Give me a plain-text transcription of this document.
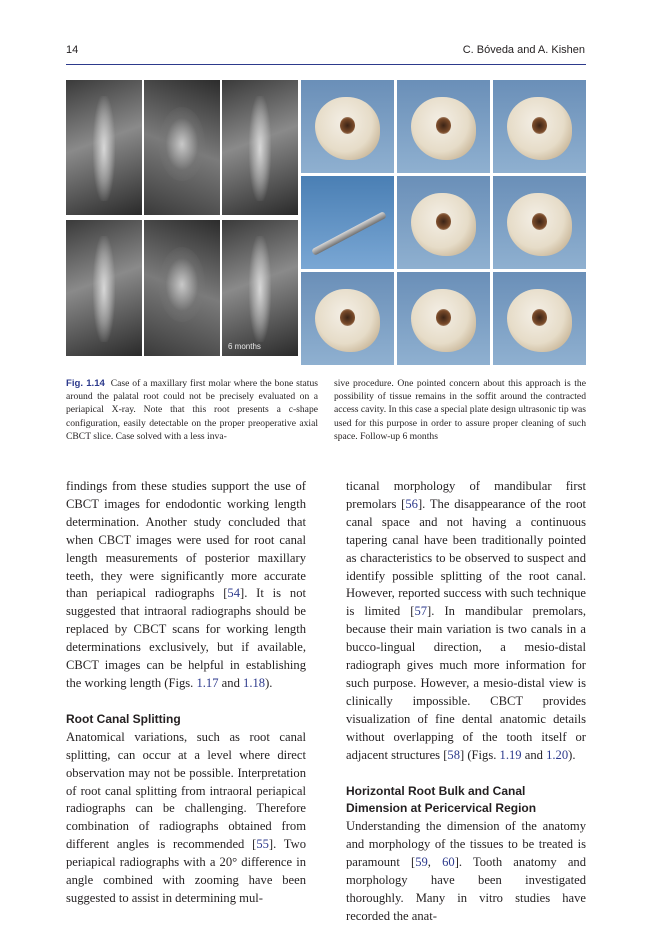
14	C. Bóveda and A. Kishen
6 months
Fig. 1.14 Case of a maxillary first molar where the bone status around the palatal root could not be precisely evaluated on a periapical X-ray. Note that this root presents a c-shape configuration, easily detectable on the proper preoperative axial CBCT slice. Case solved with a less inva-
sive procedure. One pointed concern about this approach is the possibility of tissue remains in the soffit around the contracted access cavity. In this case a special plate design ultrasonic tip was used for this purpose in order to assure proper cleaning of such space. Follow-up 6 months

findings from these studies support the use of CBCT images for endodontic working length determination. Another study concluded that when CBCT images were used for root canal length measurements of posterior maxillary teeth, they were significantly more accurate than periapical radiographs [54]. It is not suggested that intraoral radiographs should be replaced by CBCT scans for working length determinations exclusively, but if available, CBCT images can be helpful in establishing the working length (Figs. 1.17 and 1.18).

Root Canal Splitting

Anatomical variations, such as root canal splitting, can occur at a level where direct observation may not be possible. Interpretation of root canal splitting from intraoral periapical radiographs can be challenging. Therefore combination of radiographs obtained from different angles is recommended [55]. Two periapical radiographs with a 20° difference in angle combined with zooming have been suggested to assist in determining mul-

ticanal morphology of mandibular first premolars [56]. The disappearance of the root canal space and not having a continuous tapering canal have been traditionally pointed as characteristics to be observed to suspect and identify possible splitting of the root canal. However, reported success with such technique is limited [57]. In mandibular premolars, because their main variation is two canals in a bucco-lingual direction, a mesio-distal radiograph gives much more information for such purpose. However, a mesio-distal view is clinically impossible. CBCT provides visualization of fine dental anatomic details without overlapping of the tooth itself or adjacent structures [58] (Figs. 1.19 and 1.20).

Horizontal Root Bulk and Canal Dimension at Pericervical Region

Understanding the dimension of the anatomy and morphology of the tissues to be treated is paramount [59, 60]. Tooth anatomy and morphology have been investigated thoroughly. Many in vitro studies have recorded the anat-
